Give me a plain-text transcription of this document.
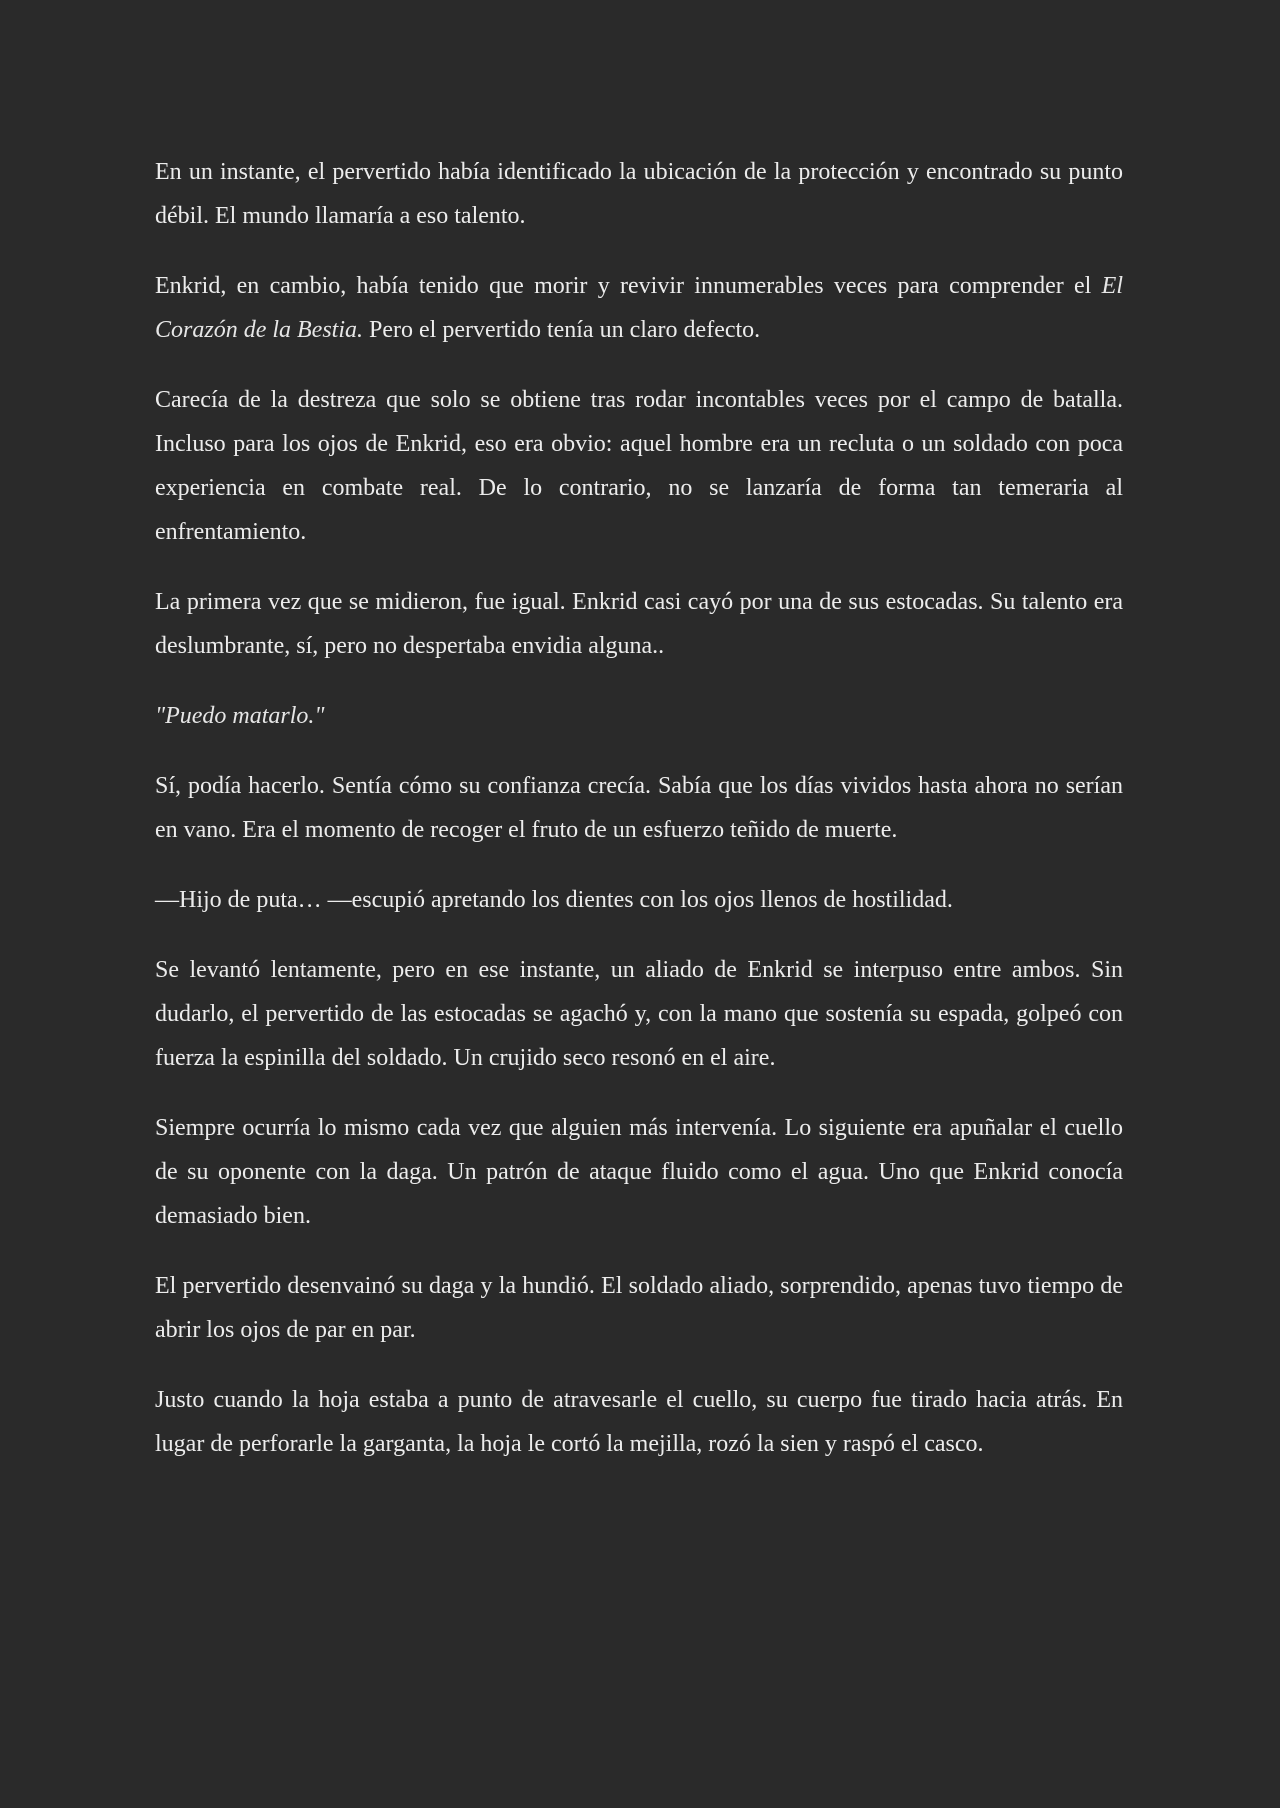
En un instante, el pervertido había identificado la ubicación de la protección y encontrado su punto débil. El mundo llamaría a eso talento.

Enkrid, en cambio, había tenido que morir y revivir innumerables veces para comprender el El Corazón de la Bestia. Pero el pervertido tenía un claro defecto.

Carecía de la destreza que solo se obtiene tras rodar incontables veces por el campo de batalla. Incluso para los ojos de Enkrid, eso era obvio: aquel hombre era un recluta o un soldado con poca experiencia en combate real. De lo contrario, no se lanzaría de forma tan temeraria al enfrentamiento.

La primera vez que se midieron, fue igual. Enkrid casi cayó por una de sus estocadas. Su talento era deslumbrante, sí, pero no despertaba envidia alguna..

"Puedo matarlo."

Sí, podía hacerlo. Sentía cómo su confianza crecía. Sabía que los días vividos hasta ahora no serían en vano. Era el momento de recoger el fruto de un esfuerzo teñido de muerte.

—Hijo de puta… —escupió apretando los dientes con los ojos llenos de hostilidad.

Se levantó lentamente, pero en ese instante, un aliado de Enkrid se interpuso entre ambos. Sin dudarlo, el pervertido de las estocadas se agachó y, con la mano que sostenía su espada, golpeó con fuerza la espinilla del soldado. Un crujido seco resonó en el aire.

Siempre ocurría lo mismo cada vez que alguien más intervenía. Lo siguiente era apuñalar el cuello de su oponente con la daga. Un patrón de ataque fluido como el agua. Uno que Enkrid conocía demasiado bien.

El pervertido desenvainó su daga y la hundió. El soldado aliado, sorprendido, apenas tuvo tiempo de abrir los ojos de par en par.

Justo cuando la hoja estaba a punto de atravesarle el cuello, su cuerpo fue tirado hacia atrás. En lugar de perforarle la garganta, la hoja le cortó la mejilla, rozó la sien y raspó el casco.
